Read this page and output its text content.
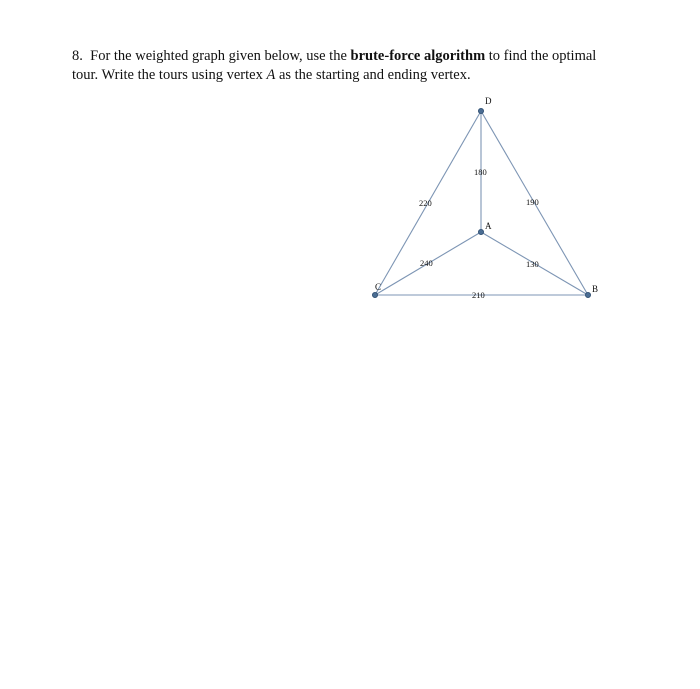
8. For the weighted graph given below, use the brute-force algorithm to find the optimal

tour. Write the tours using vertex A as the starting and ending vertex.

180
220	190
240	130
210
D
A
C	B
